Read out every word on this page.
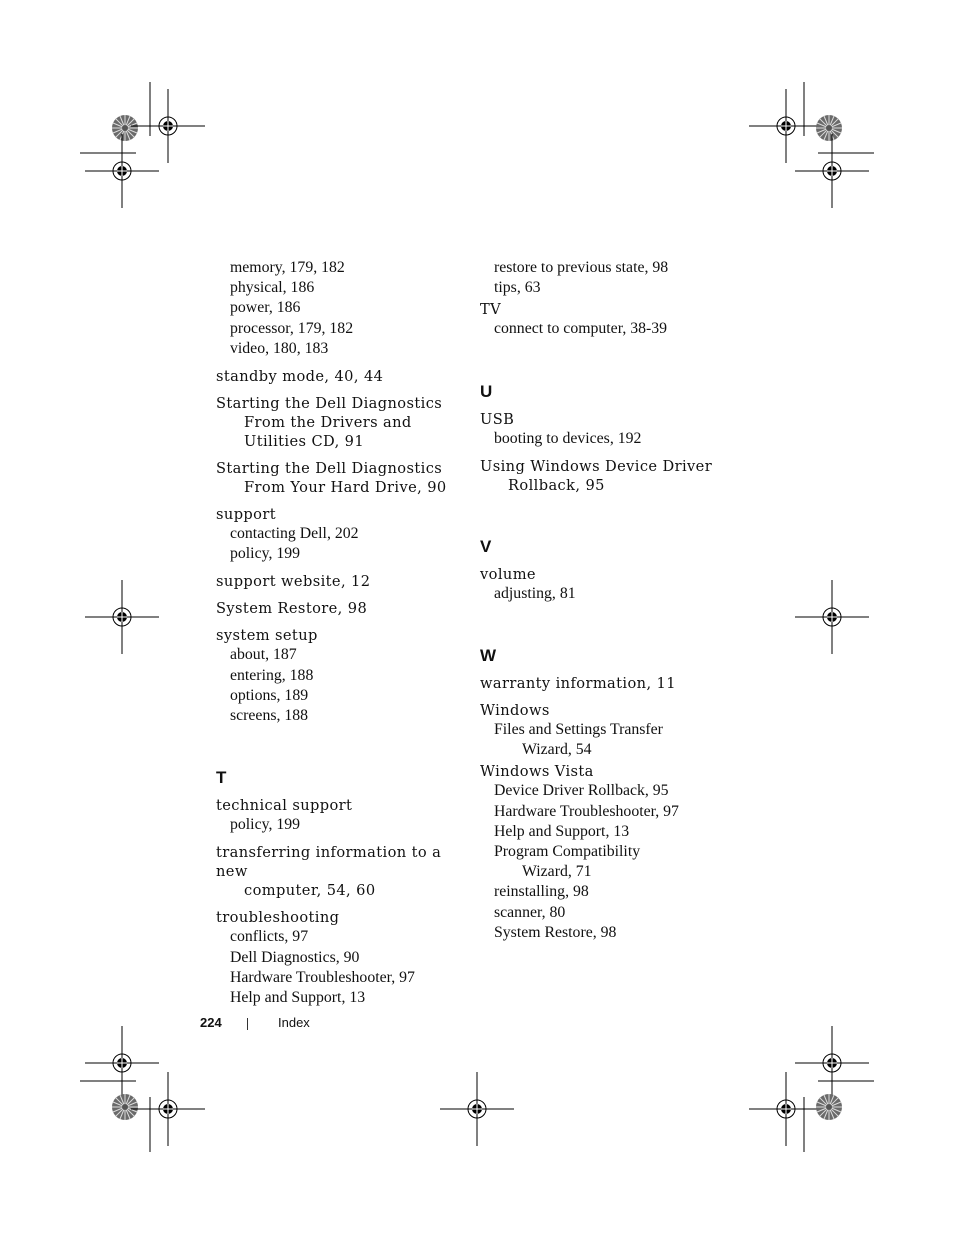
memory, 179, 182
physical, 186
power, 186
processor, 179, 182
video, 180, 183
standby mode, 40, 44
Starting the Dell Diagnostics
From the Drivers and
Utilities CD, 91
Starting the Dell Diagnostics
From Your Hard Drive, 90
support
contacting Dell, 202
policy, 199
support website, 12
System Restore, 98
system setup
about, 187
entering, 188
options, 189
screens, 188
T
technical support
policy, 199
transferring information to a new
computer, 54, 60
troubleshooting
conflicts, 97
Dell Diagnostics, 90
Hardware Troubleshooter, 97
Help and Support, 13
restore to previous state, 98
tips, 63
TV
connect to computer, 38-39
U
USB
booting to devices, 192
Using Windows Device Driver
Rollback, 95
V
volume
adjusting, 81
W
warranty information, 11
Windows
Files and Settings Transfer
Wizard, 54
Windows Vista
Device Driver Rollback, 95
Hardware Troubleshooter, 97
Help and Support, 13
Program Compatibility
Wizard, 71
reinstalling, 98
scanner, 80
System Restore, 98
224	Index
